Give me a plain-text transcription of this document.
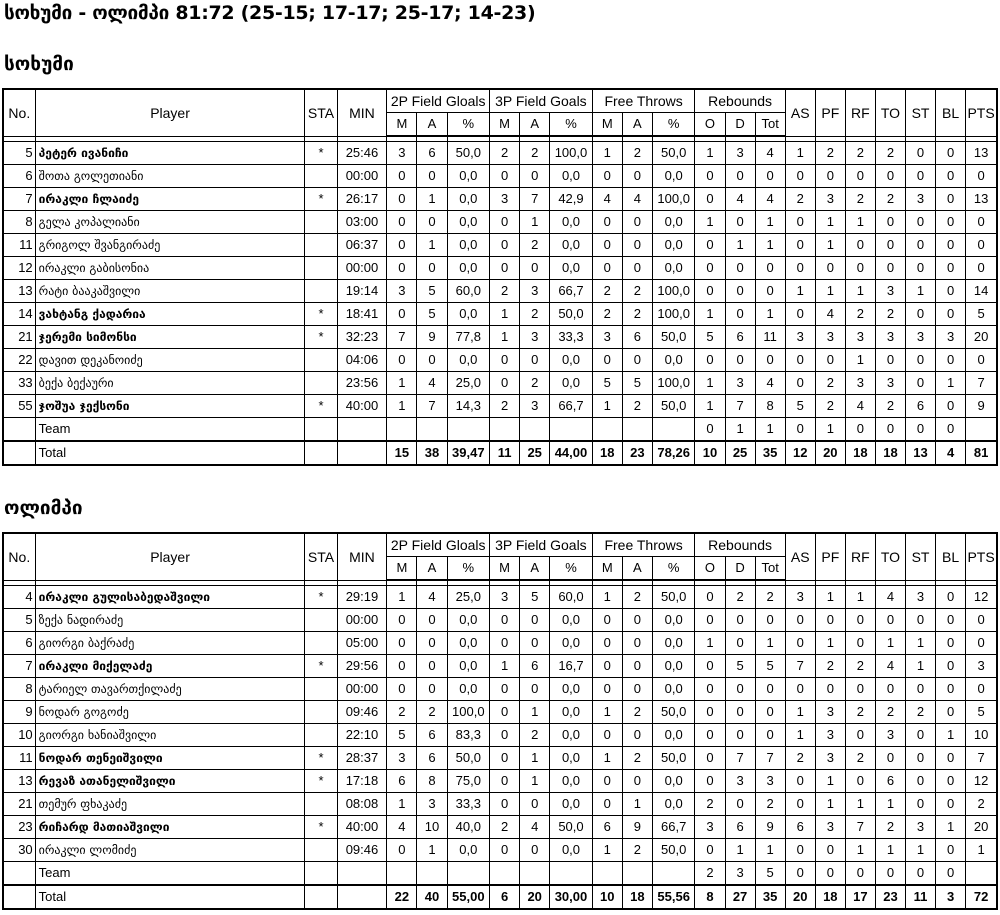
სოხუმი - ოლიმპი 81:72 (25-15; 17-17; 25-17; 14-23)
სოხუმი
No.	Player	STA	MIN	2P Field Gloals			3P Field Goals			Free Throws			Rebounds			AS	PF	RF	TO	ST	BL	PTS
				M	A	%	M	A	%	M	A	%	O	D	Tot							

5	პეტერ ივანიჩი	*	25:46	3	6	50,0	2	2	100,0	1	2	50,0	1	3	4	1	2	2	2	0	0	13
6	შოთა გოლეთიანი		00:00	0	0	0,0	0	0	0,0	0	0	0,0	0	0	0	0	0	0	0	0	0	0
7	ირაკლი ჩლაიძე	*	26:17	0	1	0,0	3	7	42,9	4	4	100,0	0	4	4	2	3	2	2	3	0	13
8	გელა კოპალიანი		03:00	0	0	0,0	0	1	0,0	0	0	0,0	1	0	1	0	1	1	0	0	0	0
11	გრიგოლ შვანგირაძე		06:37	0	1	0,0	0	2	0,0	0	0	0,0	0	1	1	0	1	0	0	0	0	0
12	ირაკლი გაბისონია		00:00	0	0	0,0	0	0	0,0	0	0	0,0	0	0	0	0	0	0	0	0	0	0
13	რატი ბააკაშვილი		19:14	3	5	60,0	2	3	66,7	2	2	100,0	0	0	0	1	1	1	3	1	0	14
14	ვახტანგ ქადარია	*	18:41	0	5	0,0	1	2	50,0	2	2	100,0	1	0	1	0	4	2	2	0	0	5
21	ჯერემი სიმონსი	*	32:23	7	9	77,8	1	3	33,3	3	6	50,0	5	6	11	3	3	3	3	3	3	20
22	დავით დეკანოიძე		04:06	0	0	0,0	0	0	0,0	0	0	0,0	0	0	0	0	0	1	0	0	0	0
33	ბექა ბექაური		23:56	1	4	25,0	0	2	0,0	5	5	100,0	1	3	4	0	2	3	3	0	1	7
55	ჯოშუა ჯექსონი	*	40:00	1	7	14,3	2	3	66,7	1	2	50,0	1	7	8	5	2	4	2	6	0	9
	Team												0	1	1	0	1	0	0	0	0	
	Total			15	38	39,47	11	25	44,00	18	23	78,26	10	25	35	12	20	18	18	13	4	81
ოლიმპი
No.	Player	STA	MIN	2P Field Gloals			3P Field Goals			Free Throws			Rebounds			AS	PF	RF	TO	ST	BL	PTS
				M	A	%	M	A	%	M	A	%	O	D	Tot							

4	ირაკლი გულისაბედაშვილი	*	29:19	1	4	25,0	3	5	60,0	1	2	50,0	0	2	2	3	1	1	4	3	0	12
5	ზექა ნადირაძე		00:00	0	0	0,0	0	0	0,0	0	0	0,0	0	0	0	0	0	0	0	0	0	0
6	გიორგი ბაქრაძე		05:00	0	0	0,0	0	0	0,0	0	0	0,0	1	0	1	0	1	0	1	1	0	0
7	ირაკლი მიქელაძე	*	29:56	0	0	0,0	1	6	16,7	0	0	0,0	0	5	5	7	2	2	4	1	0	3
8	ტარიელ თავართქილაძე		00:00	0	0	0,0	0	0	0,0	0	0	0,0	0	0	0	0	0	0	0	0	0	0
9	ნოდარ გოგოძე		09:46	2	2	100,0	0	1	0,0	1	2	50,0	0	0	0	1	3	2	2	2	0	5
10	გიორგი ხანიაშვილი		22:10	5	6	83,3	0	2	0,0	0	0	0,0	0	0	0	1	3	0	3	0	1	10
11	ნოდარ თენეიშვილი	*	28:37	3	6	50,0	0	1	0,0	1	2	50,0	0	7	7	2	3	2	0	0	0	7
13	რევაზ ათანელიშვილი	*	17:18	6	8	75,0	0	1	0,0	0	0	0,0	0	3	3	0	1	0	6	0	0	12
21	თემურ ფხაკაძე		08:08	1	3	33,3	0	0	0,0	0	1	0,0	2	0	2	0	1	1	1	0	0	2
23	რიჩარდ მათიაშვილი	*	40:00	4	10	40,0	2	4	50,0	6	9	66,7	3	6	9	6	3	7	2	3	1	20
30	ირაკლი ლომიძე		09:46	0	1	0,0	0	0	0,0	1	2	50,0	0	1	1	0	0	1	1	1	0	1
	Team												2	3	5	0	0	0	0	0	0	
	Total			22	40	55,00	6	20	30,00	10	18	55,56	8	27	35	20	18	17	23	11	3	72
